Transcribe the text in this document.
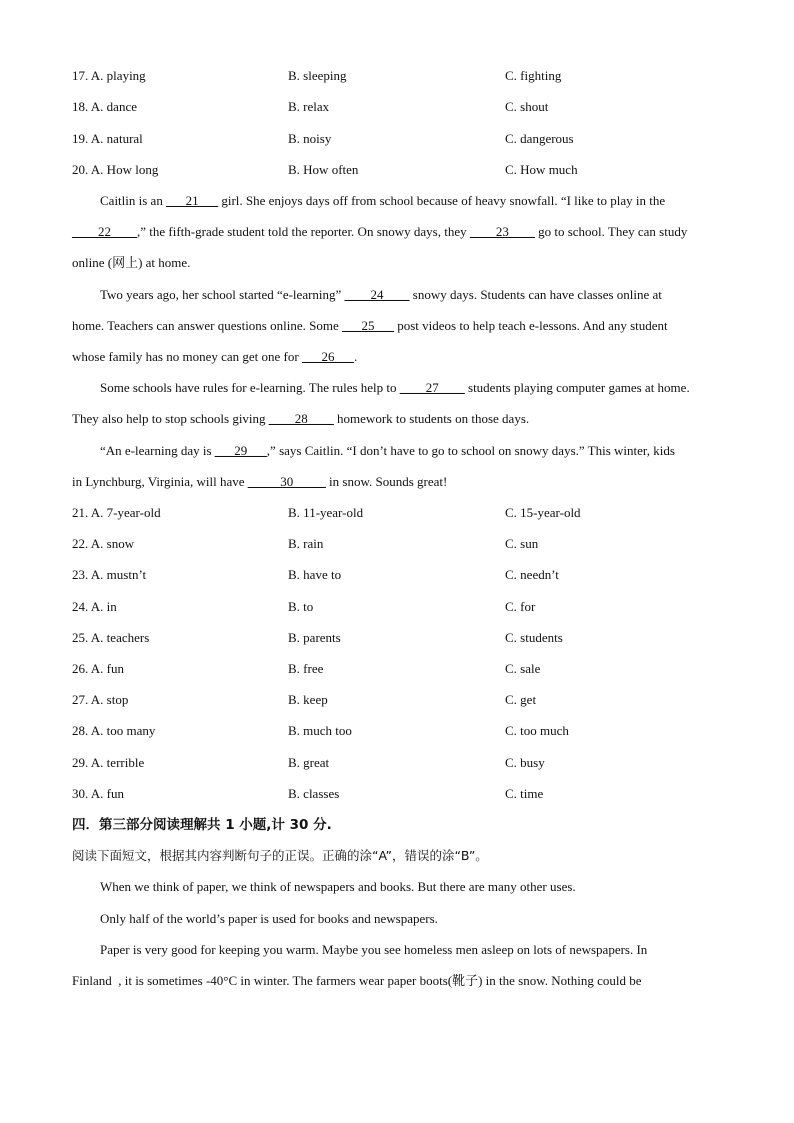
17. A. playing	B. sleeping	C. fighting
18. A. dance	B. relax	C. shout
19. A. natural	B. noisy	C. dangerous
20. A. How long	B. How often	C. How much
Caitlin is an ___21___ girl. She enjoys days off from school because of heavy snowfall. “I like to play in the
____22____,” the fifth-grade student told the reporter. On snowy days, they ____23____ go to school. They can study
online (网上) at home.
Two years ago, her school started “e-learning” ____24____ snowy days. Students can have classes online at
home. Teachers can answer questions online. Some ___25___ post videos to help teach e-lessons. And any student
whose family has no money can get one for ___26___.
Some schools have rules for e-learning. The rules help to ____27____ students playing computer games at home.
They also help to stop schools giving ____28____ homework to students on those days.
“An e-learning day is ___29___,” says Caitlin. “I don’t have to go to school on snowy days.” This winter, kids
in Lynchburg, Virginia, will have _____30_____ in snow. Sounds great!
21. A. 7-year-old	B. 11-year-old	C. 15-year-old
22. A. snow	B. rain	C. sun
23. A. mustn’t	B. have to	C. needn’t
24. A. in	B. to	C. for
25. A. teachers	B. parents	C. students
26. A. fun	B. free	C. sale
27. A. stop	B. keep	C. get
28. A. too many	B. much too	C. too much
29. A. terrible	B. great	C. busy
30. A. fun	B. classes	C. time
四．第三部分阅读理解共 1 小题,计 30 分.
阅读下面短文，根据其内容判断句子的正误。正确的涂“A”，错误的涂“B”。
When we think of paper, we think of newspapers and books. But there are many other uses.
Only half of the world’s paper is used for books and newspapers.
Paper is very good for keeping you warm. Maybe you see homeless men asleep on lots of newspapers. In
Finland  , it is sometimes -40°C in winter. The farmers wear paper boots(靴子) in the snow. Nothing could be
